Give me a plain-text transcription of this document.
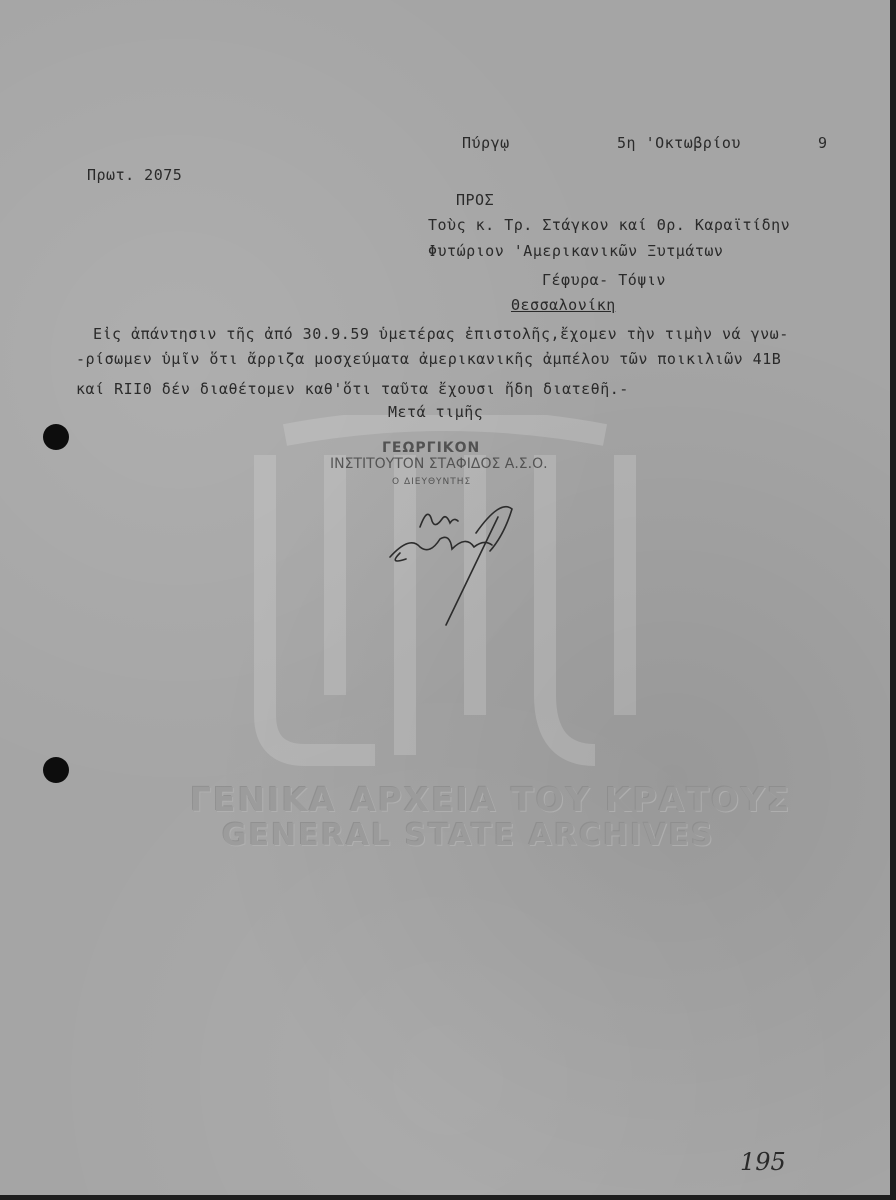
ΓΕΝΙΚΑ ΑΡΧΕΙΑ ΤΟΥ ΚΡΑΤΟΥΣ
GENERAL STATE ARCHIVES
Πύργῳ	5η 'Οκτωβρίου	9
Πρωτ. 2075
ΠΡΟΣ
Τοὺς κ. Τρ. Στάγκον καί Θρ. Καραϊτίδην
Φυτώριον 'Αμερικανικῶν Ξυτμάτων
Γέφυρα- Τόψιν
Θεσσαλονίκη
Εἰς ἀπάντησιν τῆς ἀπό 30.9.59 ὑμετέρας ἐπιστολῆς,ἔχομεν τὴν τιμὴν νά γνω-
-ρίσωμεν ὑμῖν ὅτι ἄρριζα μοσχεύματα ἀμερικανικῆς ἀμπέλου τῶν ποικιλιῶν 41Β
καί RII0 δέν διαθέτομεν καθ'ὅτι ταῦτα ἔχουσι ἤδη διατεθῆ.-
Μετά τιμῆς
ΓΕΩΡΓΙΚΟΝ
ΙΝΣΤΙΤΟΥΤΟΝ ΣΤΑΦΙΔΟΣ Α.Σ.Ο.
Ο ΔΙΕΥΘΥΝΤΗΣ
195
